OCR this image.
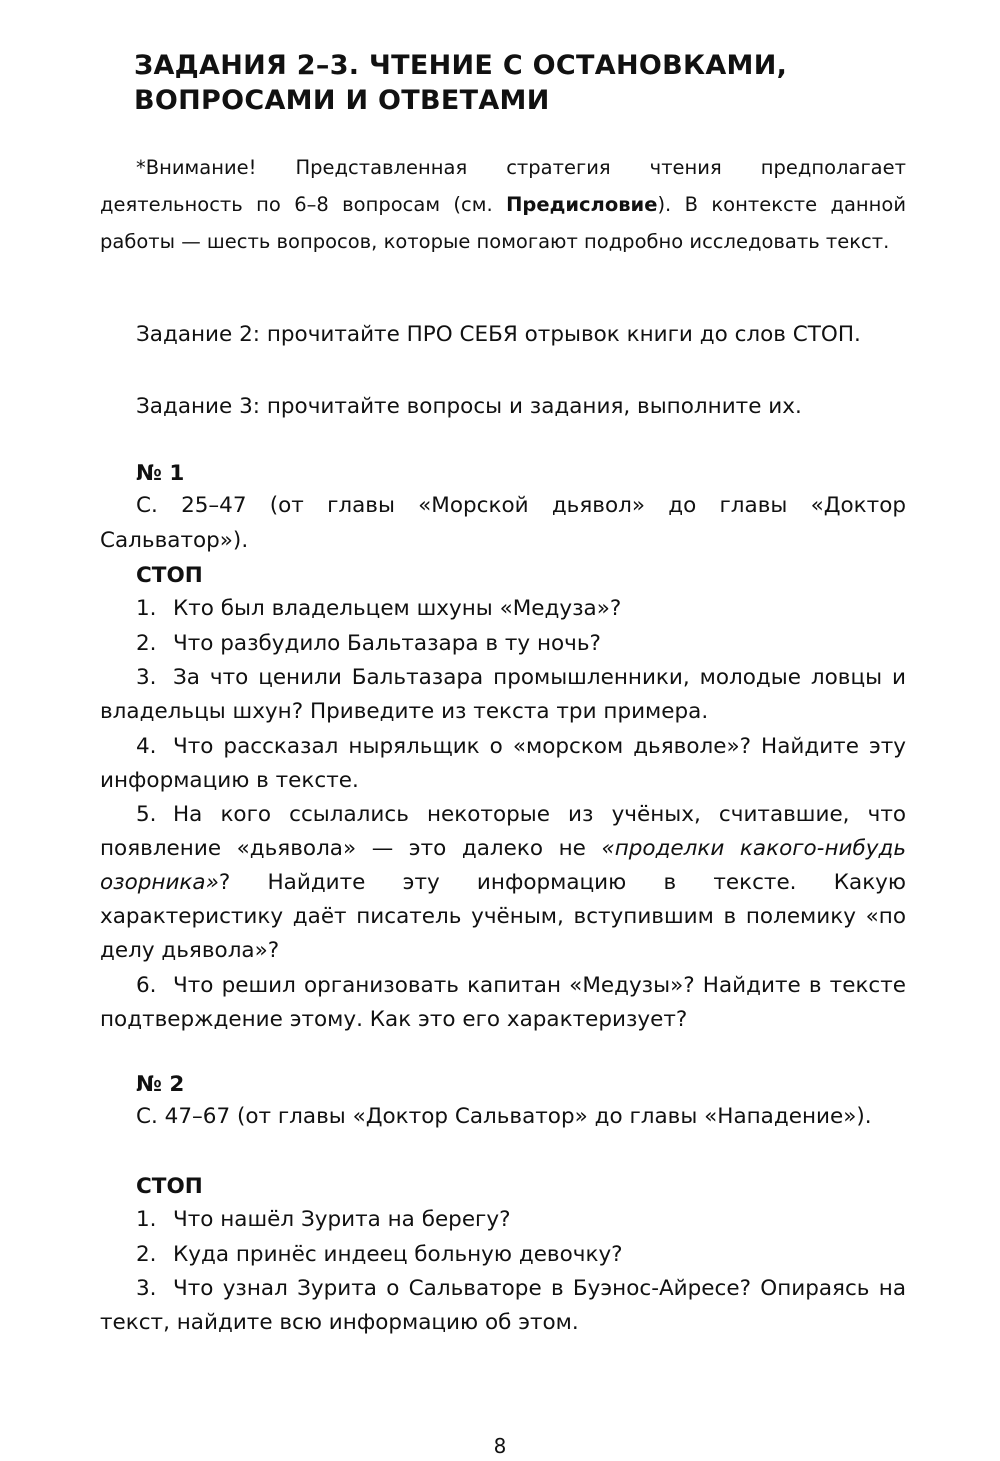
ЗАДАНИЯ 2–3. ЧТЕНИЕ С ОСТАНОВКАМИ,
ВОПРОСАМИ И ОТВЕТАМИ

*Внимание! Представленная стратегия чтения предполагает деятельность по 6–8 вопросам (см. Предисловие). В контексте данной работы — шесть вопросов, которые помогают подробно исследовать текст.

Задание 2: прочитайте ПРО СЕБЯ отрывок книги до слов СТОП.

Задание 3: прочитайте вопросы и задания, выполните их.

№ 1

С. 25–47 (от главы «Морской дьявол» до главы «Доктор Сальватор»).

СТОП
1. Кто был владельцем шхуны «Медуза»?
2. Что разбудило Бальтазара в ту ночь?
3. За что ценили Бальтазара промышленники, молодые ловцы и владельцы шхун? Приведите из текста три примера.
4. Что рассказал ныряльщик о «морском дьяволе»? Найдите эту информацию в тексте.
5. На кого ссылались некоторые из учёных, считавшие, что появление «дьявола» — это далеко не «проделки какого-нибудь озорника»? Найдите эту информацию в тексте. Какую характеристику даёт писатель учёным, вступившим в полемику «по делу дьявола»?
6. Что решил организовать капитан «Медузы»? Найдите в тексте подтверждение этому. Как это его характеризует?
№ 2

С. 47–67 (от главы «Доктор Сальватор» до главы «Нападение»).

СТОП
1. Что нашёл Зурита на берегу?
2. Куда принёс индеец больную девочку?
3. Что узнал Зурита о Сальваторе в Буэнос-Айресе? Опираясь на текст, найдите всю информацию об этом.
8
